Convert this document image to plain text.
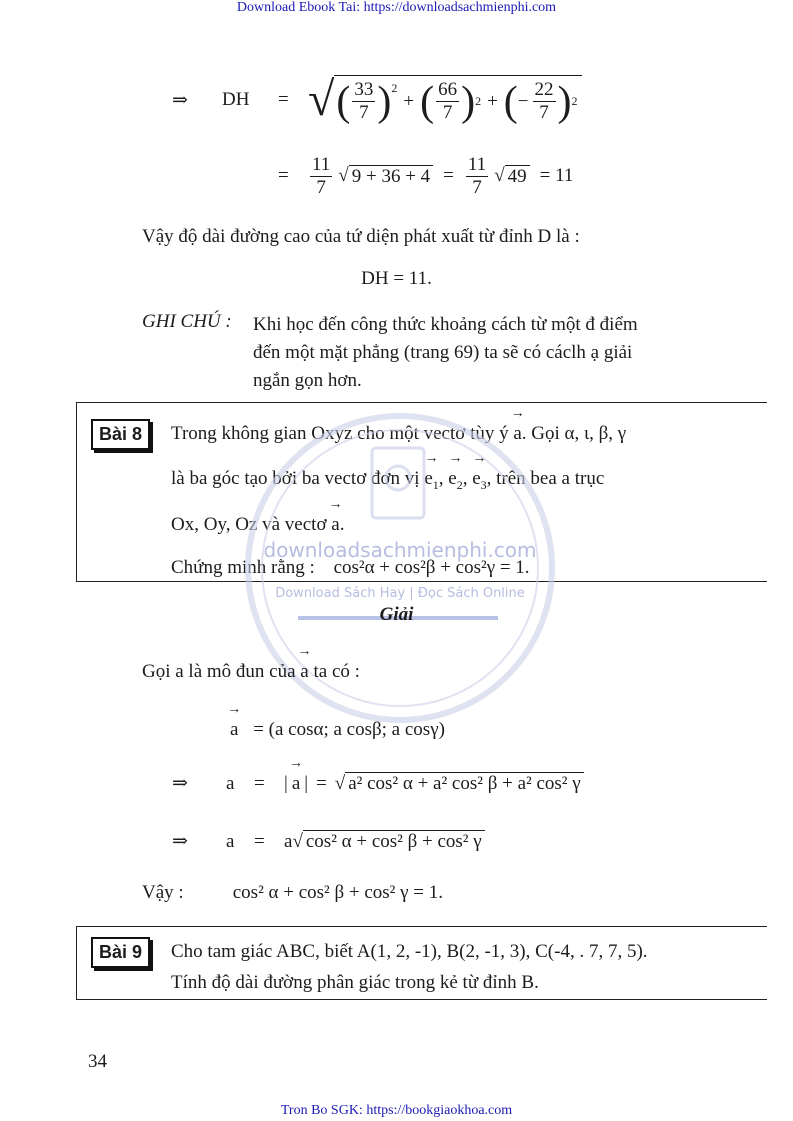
Download Ebook Tai: https://downloadsachmienphi.com
⇒	DH	= √ ( $\frac{33}{7}$ ) 2
+ ( $\frac{66}{7}$ ) 2 + ( − $\frac{22}{7}$ ) 2
=	$\frac{11}{7}$ √ $9 + 36 + 4 = \frac{11}{7}$ √ 49 = 11
Vậy độ dài đường cao của tứ diện phát xuất từ đỉnh D là :
DH = 11.
GHI CHÚ : Khi học đến công thức khoảng cách từ một đ điểm
đến một mặt phẳng (trang 69) ta sẽ có cáclh ạ giải
ngắn gọn hơn.
Bài 8	Trong không gian Oxyz cho một vectơ tùy ý → a. Gọi α, ι, β, γ
là ba góc tạo bởi ba vectơ đơn vị → $e_1$, → $e_2$, → $e_3$, trên bea a trục
Ox, Oy, Oz và vectơ → a.
Chứng minh rằng : cos²α + cos²β + cos²γ = 1.
downloadsachmienphi.com
Download Sách Hay | Đọc Sách Online
Giải
Gọi a là mô đun của → a ta có :
→ a = (a cosα; a cosβ; a cosγ)
⇒	a	=	| → a | = √ a² cos² α + a² cos² β + a² cos² γ
⇒	a	=	a √ cos² α + cos² β + cos² γ
Vậy :	cos² α + cos² β + cos² γ = 1.
Bài 9	Cho tam giác ABC, biết A(1, 2, -1), B(2, -1, 3), C(-4, . 7, 7, 5).
Tính độ dài đường phân giác trong kẻ từ đỉnh B.
34
Tron Bo SGK: https://bookgiaokhoa.com
